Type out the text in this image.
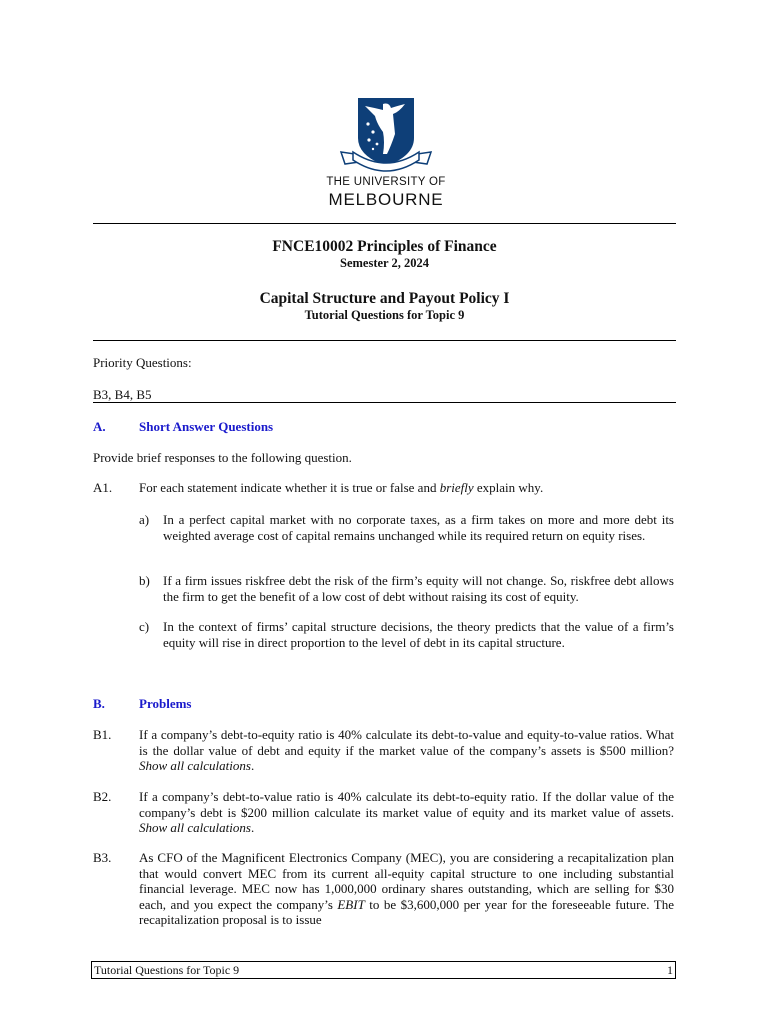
THE UNIVERSITY OF
MELBOURNE
FNCE10002 Principles of Finance
Semester 2, 2024
Capital Structure and Payout Policy I
Tutorial Questions for Topic 9
Priority Questions:
B3, B4, B5
A.	Short Answer Questions
Provide brief responses to the following question.
A1. For each statement indicate whether it is true or false and briefly explain why.
a) In a perfect capital market with no corporate taxes, as a firm takes on more and more debt its weighted average cost of capital remains unchanged while its required return on equity rises.
b) If a firm issues riskfree debt the risk of the firm’s equity will not change. So, riskfree debt allows the firm to get the benefit of a low cost of debt without raising its cost of equity.
c) In the context of firms’ capital structure decisions, the theory predicts that the value of a firm’s equity will rise in direct proportion to the level of debt in its capital structure.
B.	Problems
B1. If a company’s debt-to-equity ratio is 40% calculate its debt-to-value and equity-to-value ratios. What is the dollar value of debt and equity if the market value of the company’s assets is $500 million? Show all calculations.
B2. If a company’s debt-to-value ratio is 40% calculate its debt-to-equity ratio. If the dollar value of the company’s debt is $200 million calculate its market value of equity and its market value of assets. Show all calculations.
B3. As CFO of the Magnificent Electronics Company (MEC), you are considering a recapitalization plan that would convert MEC from its current all-equity capital structure to one including substantial financial leverage. MEC now has 1,000,000 ordinary shares outstanding, which are selling for $30 each, and you expect the company’s EBIT to be $3,600,000 per year for the foreseeable future. The recapitalization proposal is to issue
Tutorial Questions for Topic 9	1
